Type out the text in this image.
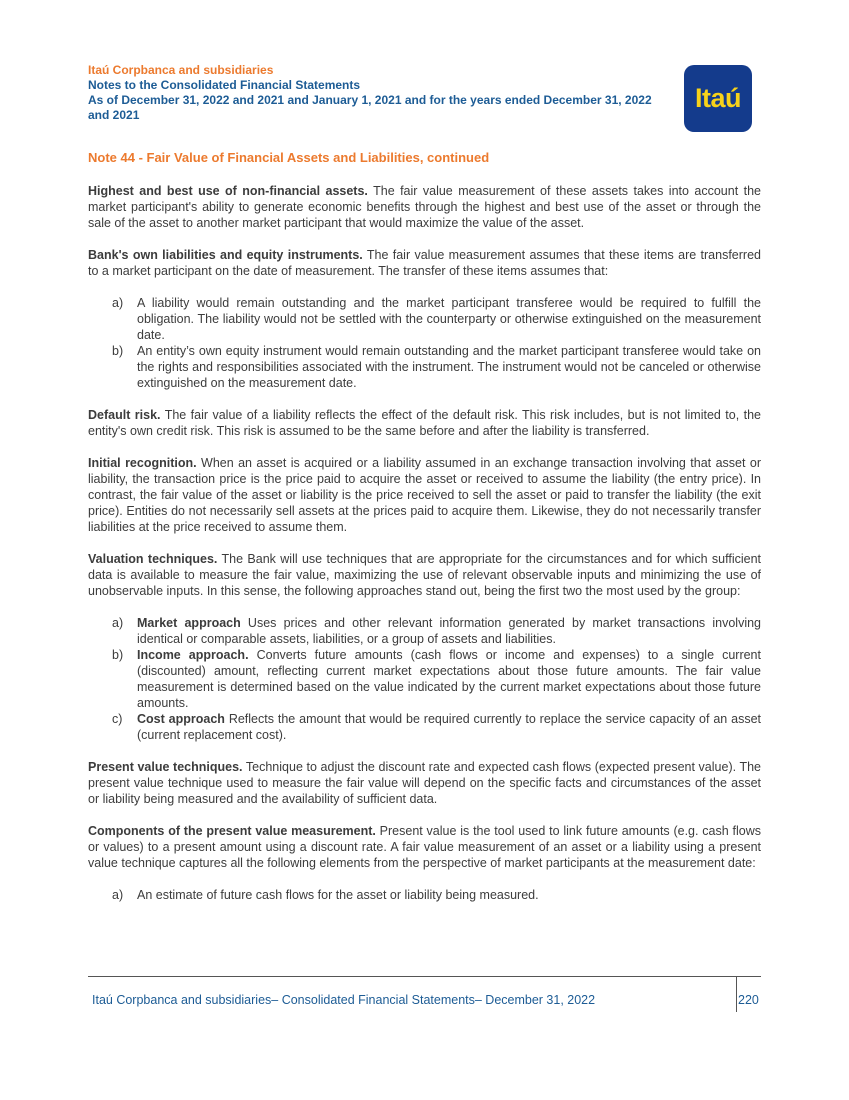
Itaú Corpbanca and subsidiaries
Notes to the Consolidated Financial Statements
As of December 31, 2022 and 2021 and January 1, 2021 and for the years ended December 31, 2022
and 2021
Itaú
Note 44 - Fair Value of Financial Assets and Liabilities, continued

Highest and best use of non-financial assets. The fair value measurement of these assets takes into account the market participant's ability to generate economic benefits through the highest and best use of the asset or through the sale of the asset to another market participant that would maximize the value of the asset.

Bank's own liabilities and equity instruments. The fair value measurement assumes that these items are transferred to a market participant on the date of measurement. The transfer of these items assumes that:

a) A liability would remain outstanding and the market participant transferee would be required to fulfill the obligation. The liability would not be settled with the counterparty or otherwise extinguished on the measurement date.
b) An entity’s own equity instrument would remain outstanding and the market participant transferee would take on the rights and responsibilities associated with the instrument. The instrument would not be canceled or otherwise extinguished on the measurement date.

Default risk. The fair value of a liability reflects the effect of the default risk. This risk includes, but is not limited to, the entity's own credit risk. This risk is assumed to be the same before and after the liability is transferred.

Initial recognition. When an asset is acquired or a liability assumed in an exchange transaction involving that asset or liability, the transaction price is the price paid to acquire the asset or received to assume the liability (the entry price). In contrast, the fair value of the asset or liability is the price received to sell the asset or paid to transfer the liability (the exit price). Entities do not necessarily sell assets at the prices paid to acquire them. Likewise, they do not necessarily transfer liabilities at the price received to assume them.

Valuation techniques. The Bank will use techniques that are appropriate for the circumstances and for which sufficient data is available to measure the fair value, maximizing the use of relevant observable inputs and minimizing the use of unobservable inputs. In this sense, the following approaches stand out, being the first two the most used by the group:

a) Market approach Uses prices and other relevant information generated by market transactions involving identical or comparable assets, liabilities, or a group of assets and liabilities.
b) Income approach. Converts future amounts (cash flows or income and expenses) to a single current (discounted) amount, reflecting current market expectations about those future amounts. The fair value measurement is determined based on the value indicated by the current market expectations about those future amounts.
c) Cost approach Reflects the amount that would be required currently to replace the service capacity of an asset (current replacement cost).

Present value techniques. Technique to adjust the discount rate and expected cash flows (expected present value). The present value technique used to measure the fair value will depend on the specific facts and circumstances of the asset or liability being measured and the availability of sufficient data.

Components of the present value measurement. Present value is the tool used to link future amounts (e.g. cash flows or values) to a present amount using a discount rate. A fair value measurement of an asset or a liability using a present value technique captures all the following elements from the perspective of market participants at the measurement date:

a) An estimate of future cash flows for the asset or liability being measured.
Itaú Corpbanca and subsidiaries– Consolidated Financial Statements– December 31, 2022	220
